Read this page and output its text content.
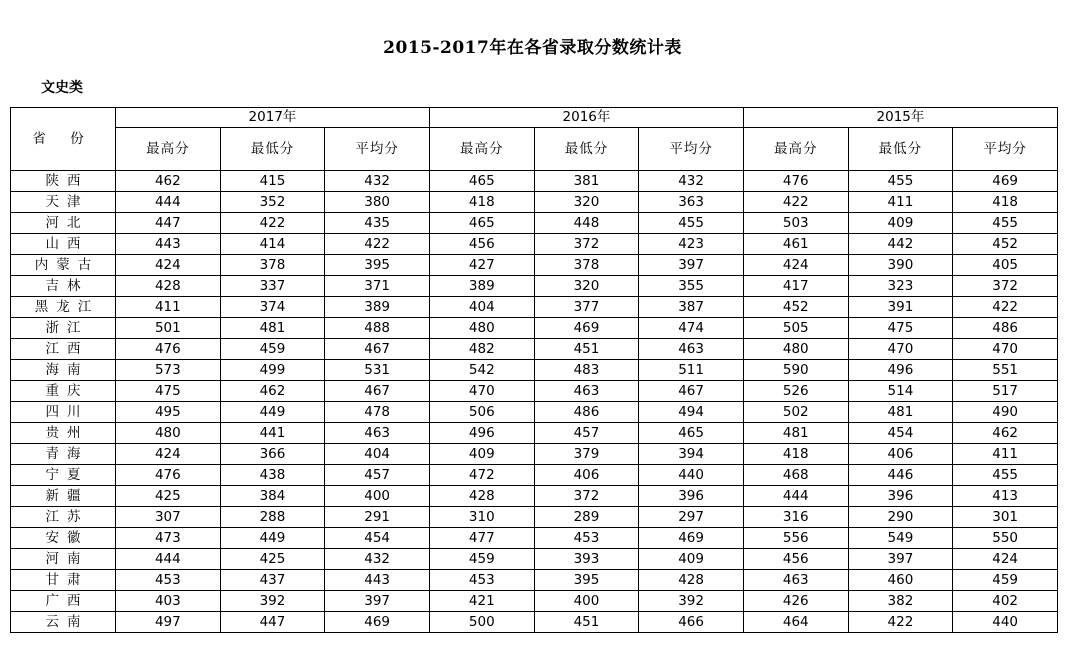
2015-2017年在各省录取分数统计表
文史类
省 份	2017年			2016年			2015年		
	最高分	最低分	平均分	最高分	最低分	平均分	最高分	最低分	平均分
陕西	462	415	432	465	381	432	476	455	469
天津	444	352	380	418	320	363	422	411	418
河北	447	422	435	465	448	455	503	409	455
山西	443	414	422	456	372	423	461	442	452
内蒙古	424	378	395	427	378	397	424	390	405
吉林	428	337	371	389	320	355	417	323	372
黑龙江	411	374	389	404	377	387	452	391	422
浙江	501	481	488	480	469	474	505	475	486
江西	476	459	467	482	451	463	480	470	470
海南	573	499	531	542	483	511	590	496	551
重庆	475	462	467	470	463	467	526	514	517
四川	495	449	478	506	486	494	502	481	490
贵州	480	441	463	496	457	465	481	454	462
青海	424	366	404	409	379	394	418	406	411
宁夏	476	438	457	472	406	440	468	446	455
新疆	425	384	400	428	372	396	444	396	413
江苏	307	288	291	310	289	297	316	290	301
安徽	473	449	454	477	453	469	556	549	550
河南	444	425	432	459	393	409	456	397	424
甘肃	453	437	443	453	395	428	463	460	459
广西	403	392	397	421	400	392	426	382	402
云南	497	447	469	500	451	466	464	422	440
